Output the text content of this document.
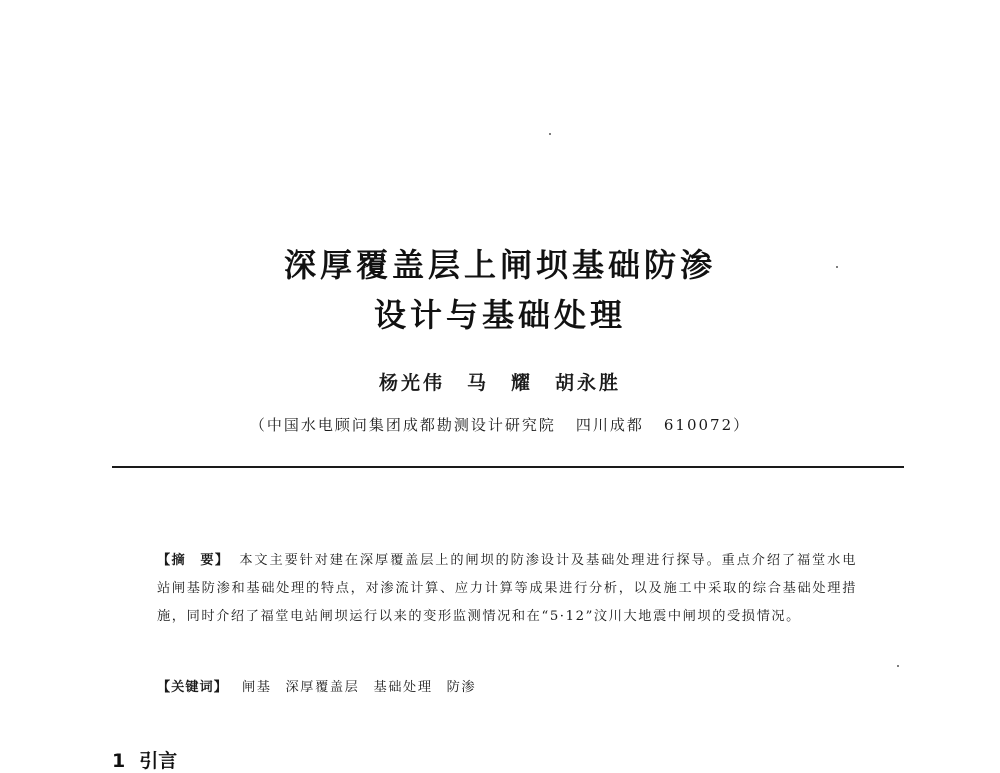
深厚覆盖层上闸坝基础防渗

设计与基础处理

杨光伟 马　耀 胡永胜
（中国水电顾问集团成都勘测设计研究院 四川成都 610072）
【摘　要】 本文主要针对建在深厚覆盖层上的闸坝的防渗设计及基础处理进行探导。重点介绍了福堂水电站闸基防渗和基础处理的特点，对渗流计算、应力计算等成果进行分析，以及施工中采取的综合基础处理措施，同时介绍了福堂电站闸坝运行以来的变形监测情况和在“5·12”汶川大地震中闸坝的受损情况。
【关键词】 闸基 深厚覆盖层 基础处理 防渗
1 引言
